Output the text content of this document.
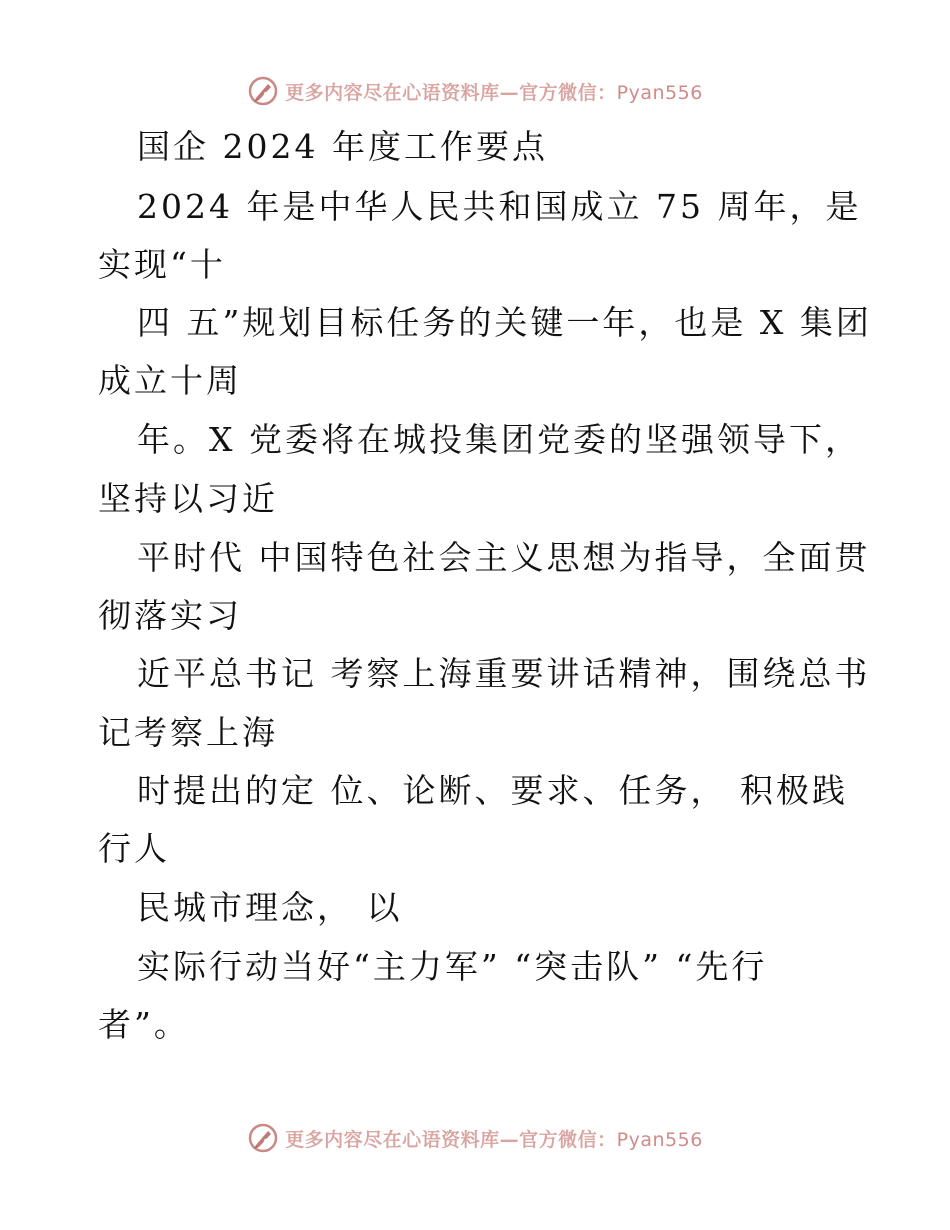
更多内容尽在心语资料库—官方微信：Pyan556
国企 2024 年度工作要点
2024 年是中华人民共和国成立 75 周年，是
实现“十
四 五”规划目标任务的关键一年，也是 X 集团
成立十周
年。X 党委将在城投集团党委的坚强领导下，
坚持以习近
平时代 中国特色社会主义思想为指导，全面贯
彻落实习
近平总书记 考察上海重要讲话精神，围绕总书
记考察上海
时提出的定 位、论断、要求、任务， 积极践
行人
民城市理念， 以
实际行动当好“主力军” “突击队” “先行
者”。
更多内容尽在心语资料库—官方微信：Pyan556
